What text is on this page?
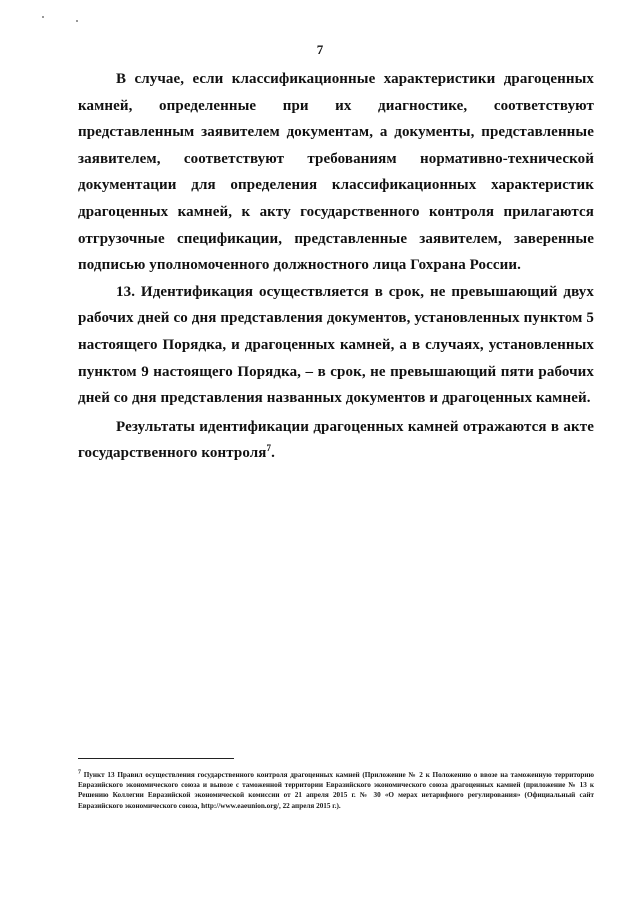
7

В случае, если классификационные характеристики драгоценных камней, определенные при их диагностике, соответствуют представленным заявителем документам, а документы, представленные заявителем, соответствуют требованиям нормативно-технической документации для определения классификационных характеристик драгоценных камней, к акту государственного контроля прилагаются отгрузочные спецификации, представленные заявителем, заверенные подписью уполномоченного должностного лица Гохрана России.

13. Идентификация осуществляется в срок, не превышающий двух рабочих дней со дня представления документов, установленных пунктом 5 настоящего Порядка, и драгоценных камней, а в случаях, установленных пунктом 9 настоящего Порядка, – в срок, не превышающий пяти рабочих дней со дня представления названных документов и драгоценных камней.

Результаты идентификации драгоценных камней отражаются в акте государственного контроля$^7$.

$^7$ Пункт 13 Правил осуществления государственного контроля драгоценных камней (Приложение № 2 к Положению о ввозе на таможенную территорию Евразийского экономического союза и вывозе с таможенной территории Евразийского экономического союза драгоценных камней (приложение № 13 к Решению Коллегии Евразийской экономической комиссии от 21 апреля 2015 г. № 30 «О мерах нетарифного регулирования» (Официальный сайт Евразийского экономического союза, http://www.eaeunion.org/, 22 апреля 2015 г.).
